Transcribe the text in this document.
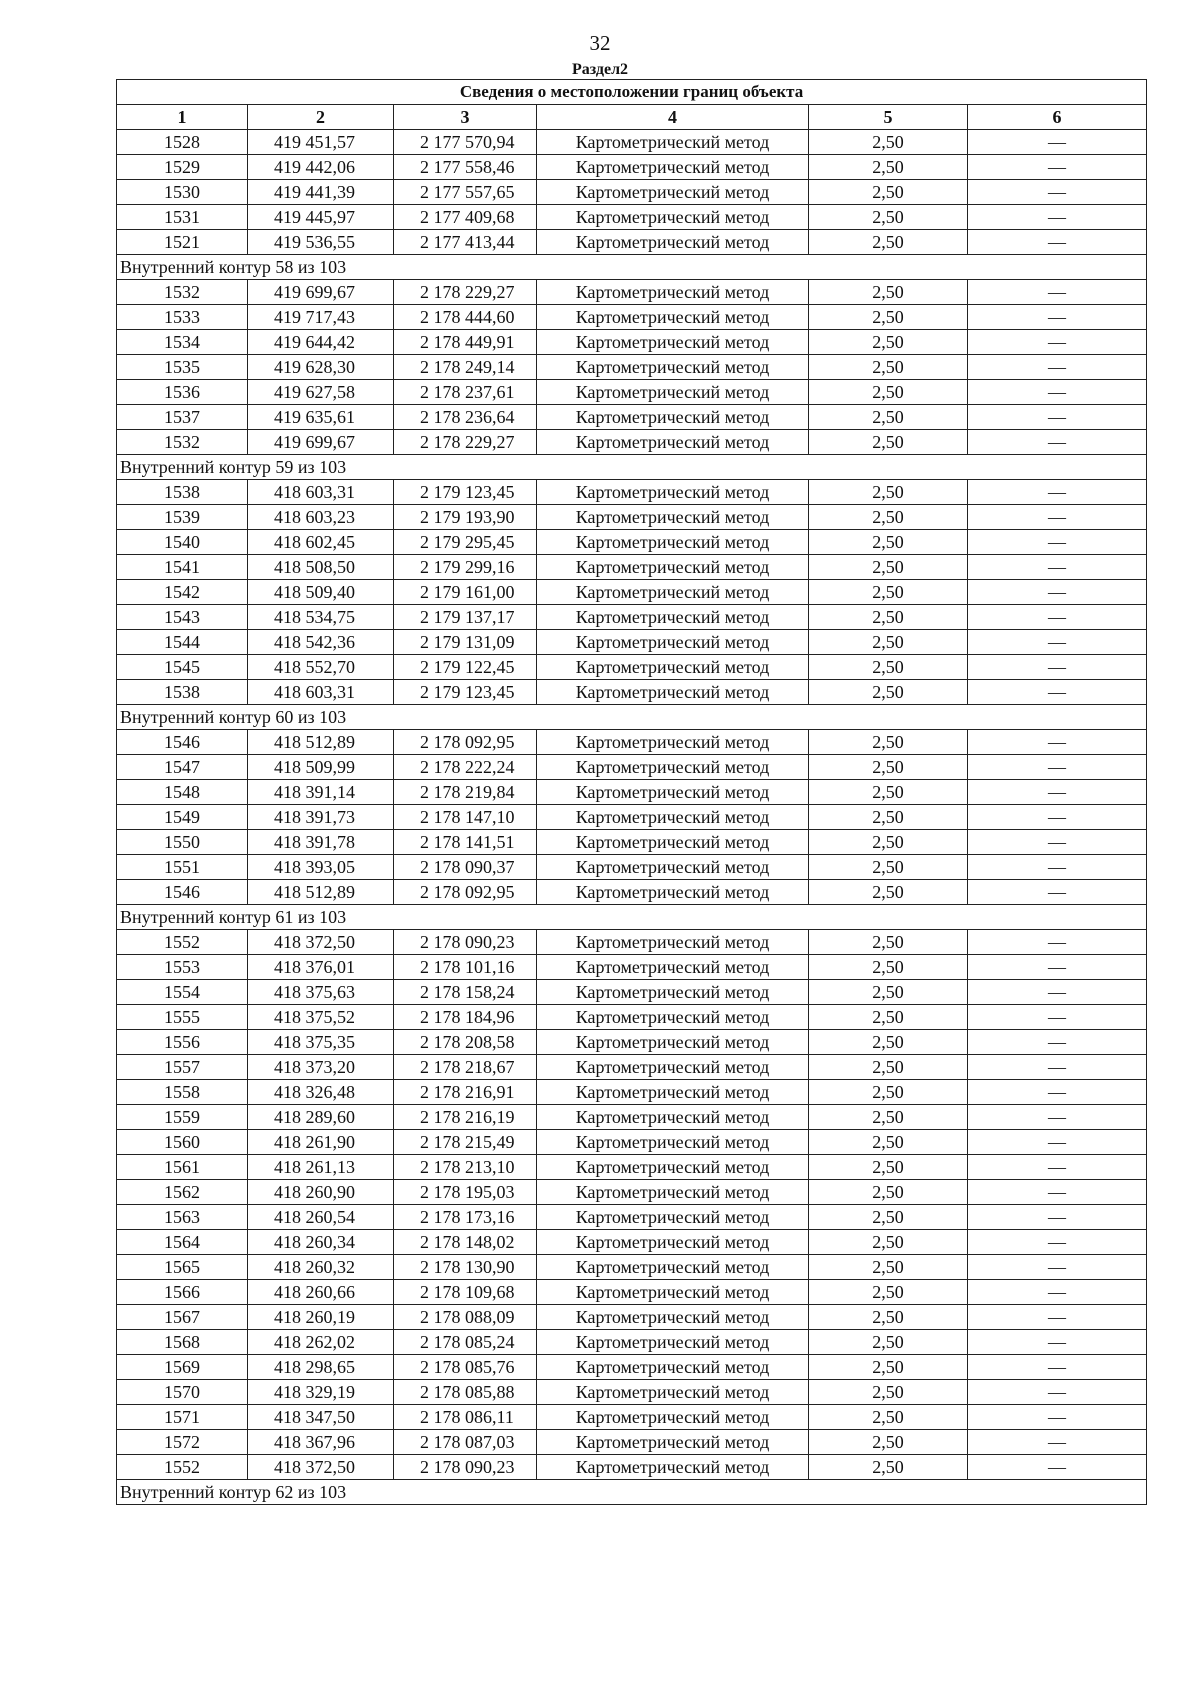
32
Раздел2
Сведения о местоположении границ объекта					
1	2	3	4	5	6
1528	419 451,57	2 177 570,94	Картометрический метод	2,50	—
1529	419 442,06	2 177 558,46	Картометрический метод	2,50	—
1530	419 441,39	2 177 557,65	Картометрический метод	2,50	—
1531	419 445,97	2 177 409,68	Картометрический метод	2,50	—
1521	419 536,55	2 177 413,44	Картометрический метод	2,50	—
Внутренний контур 58 из 103					
1532	419 699,67	2 178 229,27	Картометрический метод	2,50	—
1533	419 717,43	2 178 444,60	Картометрический метод	2,50	—
1534	419 644,42	2 178 449,91	Картометрический метод	2,50	—
1535	419 628,30	2 178 249,14	Картометрический метод	2,50	—
1536	419 627,58	2 178 237,61	Картометрический метод	2,50	—
1537	419 635,61	2 178 236,64	Картометрический метод	2,50	—
1532	419 699,67	2 178 229,27	Картометрический метод	2,50	—
Внутренний контур 59 из 103					
1538	418 603,31	2 179 123,45	Картометрический метод	2,50	—
1539	418 603,23	2 179 193,90	Картометрический метод	2,50	—
1540	418 602,45	2 179 295,45	Картометрический метод	2,50	—
1541	418 508,50	2 179 299,16	Картометрический метод	2,50	—
1542	418 509,40	2 179 161,00	Картометрический метод	2,50	—
1543	418 534,75	2 179 137,17	Картометрический метод	2,50	—
1544	418 542,36	2 179 131,09	Картометрический метод	2,50	—
1545	418 552,70	2 179 122,45	Картометрический метод	2,50	—
1538	418 603,31	2 179 123,45	Картометрический метод	2,50	—
Внутренний контур 60 из 103					
1546	418 512,89	2 178 092,95	Картометрический метод	2,50	—
1547	418 509,99	2 178 222,24	Картометрический метод	2,50	—
1548	418 391,14	2 178 219,84	Картометрический метод	2,50	—
1549	418 391,73	2 178 147,10	Картометрический метод	2,50	—
1550	418 391,78	2 178 141,51	Картометрический метод	2,50	—
1551	418 393,05	2 178 090,37	Картометрический метод	2,50	—
1546	418 512,89	2 178 092,95	Картометрический метод	2,50	—
Внутренний контур 61 из 103					
1552	418 372,50	2 178 090,23	Картометрический метод	2,50	—
1553	418 376,01	2 178 101,16	Картометрический метод	2,50	—
1554	418 375,63	2 178 158,24	Картометрический метод	2,50	—
1555	418 375,52	2 178 184,96	Картометрический метод	2,50	—
1556	418 375,35	2 178 208,58	Картометрический метод	2,50	—
1557	418 373,20	2 178 218,67	Картометрический метод	2,50	—
1558	418 326,48	2 178 216,91	Картометрический метод	2,50	—
1559	418 289,60	2 178 216,19	Картометрический метод	2,50	—
1560	418 261,90	2 178 215,49	Картометрический метод	2,50	—
1561	418 261,13	2 178 213,10	Картометрический метод	2,50	—
1562	418 260,90	2 178 195,03	Картометрический метод	2,50	—
1563	418 260,54	2 178 173,16	Картометрический метод	2,50	—
1564	418 260,34	2 178 148,02	Картометрический метод	2,50	—
1565	418 260,32	2 178 130,90	Картометрический метод	2,50	—
1566	418 260,66	2 178 109,68	Картометрический метод	2,50	—
1567	418 260,19	2 178 088,09	Картометрический метод	2,50	—
1568	418 262,02	2 178 085,24	Картометрический метод	2,50	—
1569	418 298,65	2 178 085,76	Картометрический метод	2,50	—
1570	418 329,19	2 178 085,88	Картометрический метод	2,50	—
1571	418 347,50	2 178 086,11	Картометрический метод	2,50	—
1572	418 367,96	2 178 087,03	Картометрический метод	2,50	—
1552	418 372,50	2 178 090,23	Картометрический метод	2,50	—
Внутренний контур 62 из 103					
